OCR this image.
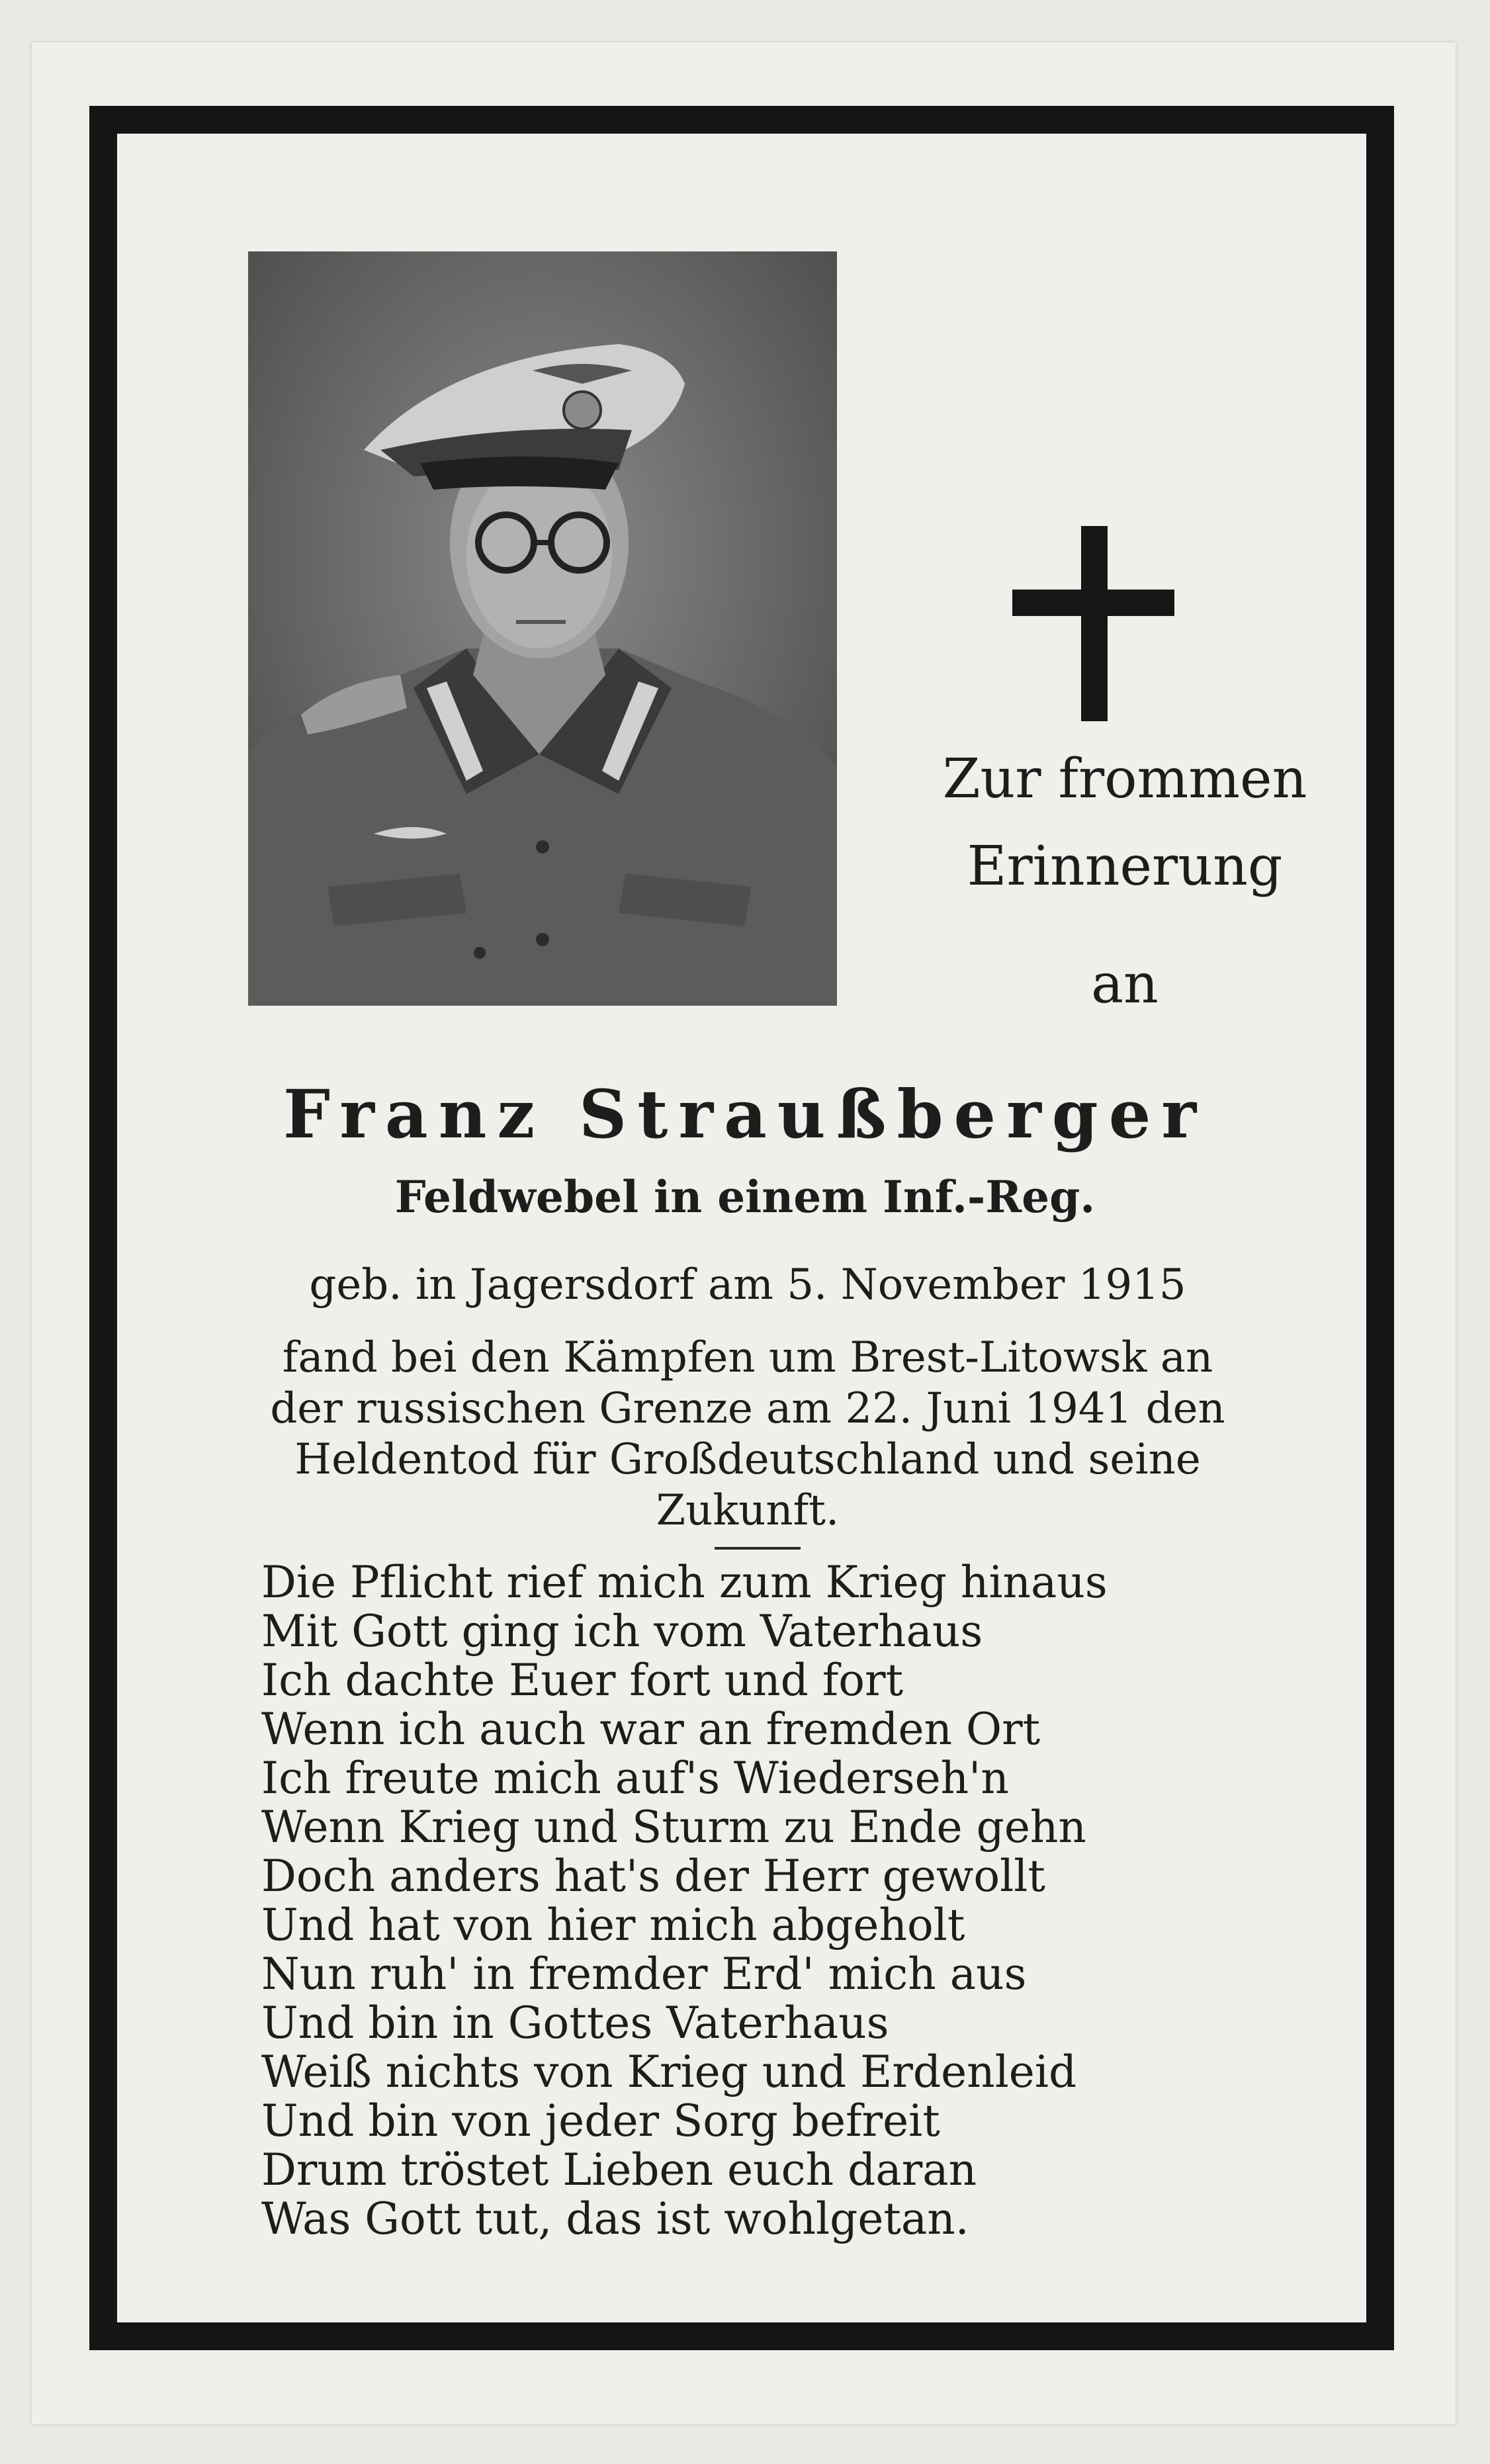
Zur frommen
Erinnerung
an
Franz Straußberger
Feldwebel in einem Inf.-Reg.
geb. in Jagersdorf am 5. November 1915
fand bei den Kämpfen um Brest-Litowsk an
der russischen Grenze am 22. Juni 1941 den
Heldentod für Großdeutschland und seine
Zukunft.
Die Pflicht rief mich zum Krieg hinaus
Mit Gott ging ich vom Vaterhaus
Ich dachte Euer fort und fort
Wenn ich auch war an fremden Ort
Ich freute mich auf's Wiederseh'n
Wenn Krieg und Sturm zu Ende gehn
Doch anders hat's der Herr gewollt
Und hat von hier mich abgeholt
Nun ruh' in fremder Erd' mich aus
Und bin in Gottes Vaterhaus
Weiß nichts von Krieg und Erdenleid
Und bin von jeder Sorg befreit
Drum tröstet Lieben euch daran
Was Gott tut, das ist wohlgetan.
